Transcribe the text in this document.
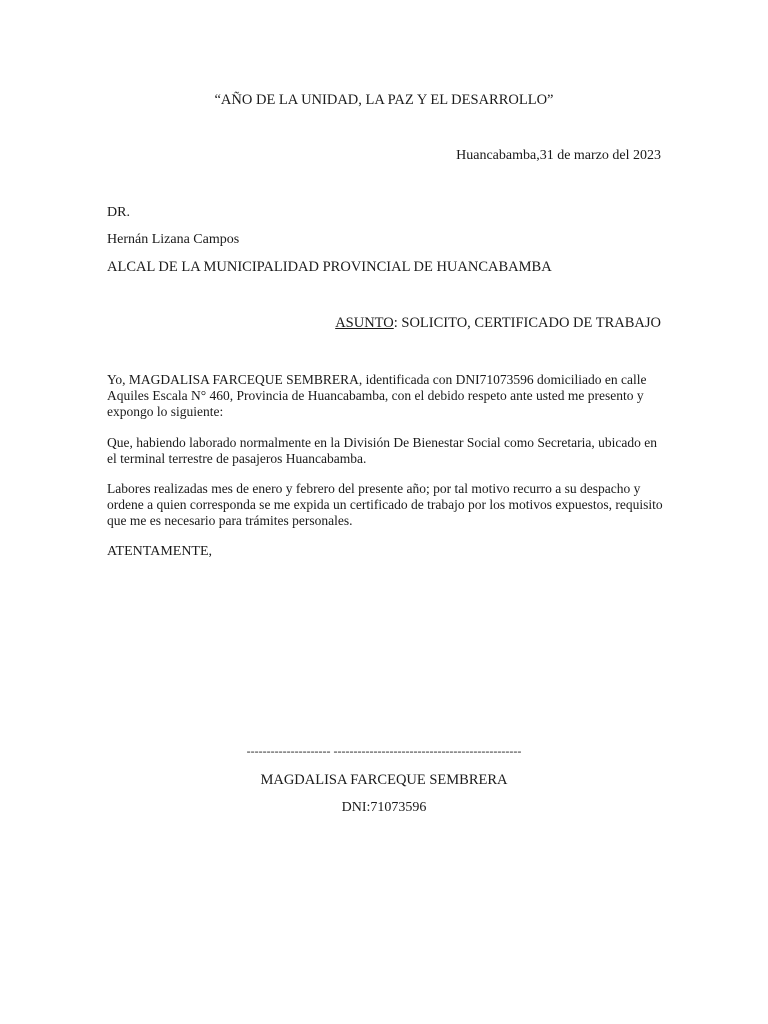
“AÑO DE LA UNIDAD, LA PAZ Y EL DESARROLLO”
Huancabamba,31 de marzo del 2023
DR.
Hernán Lizana Campos
ALCAL DE LA MUNICIPALIDAD PROVINCIAL DE HUANCABAMBA
ASUNTO: SOLICITO, CERTIFICADO DE TRABAJO
Yo, MAGDALISA FARCEQUE SEMBRERA, identificada con DNI71073596 domiciliado en calle Aquiles Escala N° 460, Provincia de Huancabamba, con el debido respeto ante usted me presento y expongo lo siguiente:
Que, habiendo laborado normalmente en la División De Bienestar Social como Secretaria, ubicado en el terminal terrestre de pasajeros Huancabamba.
Labores realizadas mes de enero y febrero del presente año; por tal motivo recurro a su despacho y ordene a quien corresponda se me expida un certificado de trabajo por los motivos expuestos, requisito que me es necesario para trámites personales.
ATENTAMENTE,
--------------------- -----------------------------------------------
MAGDALISA FARCEQUE SEMBRERA
DNI:71073596
